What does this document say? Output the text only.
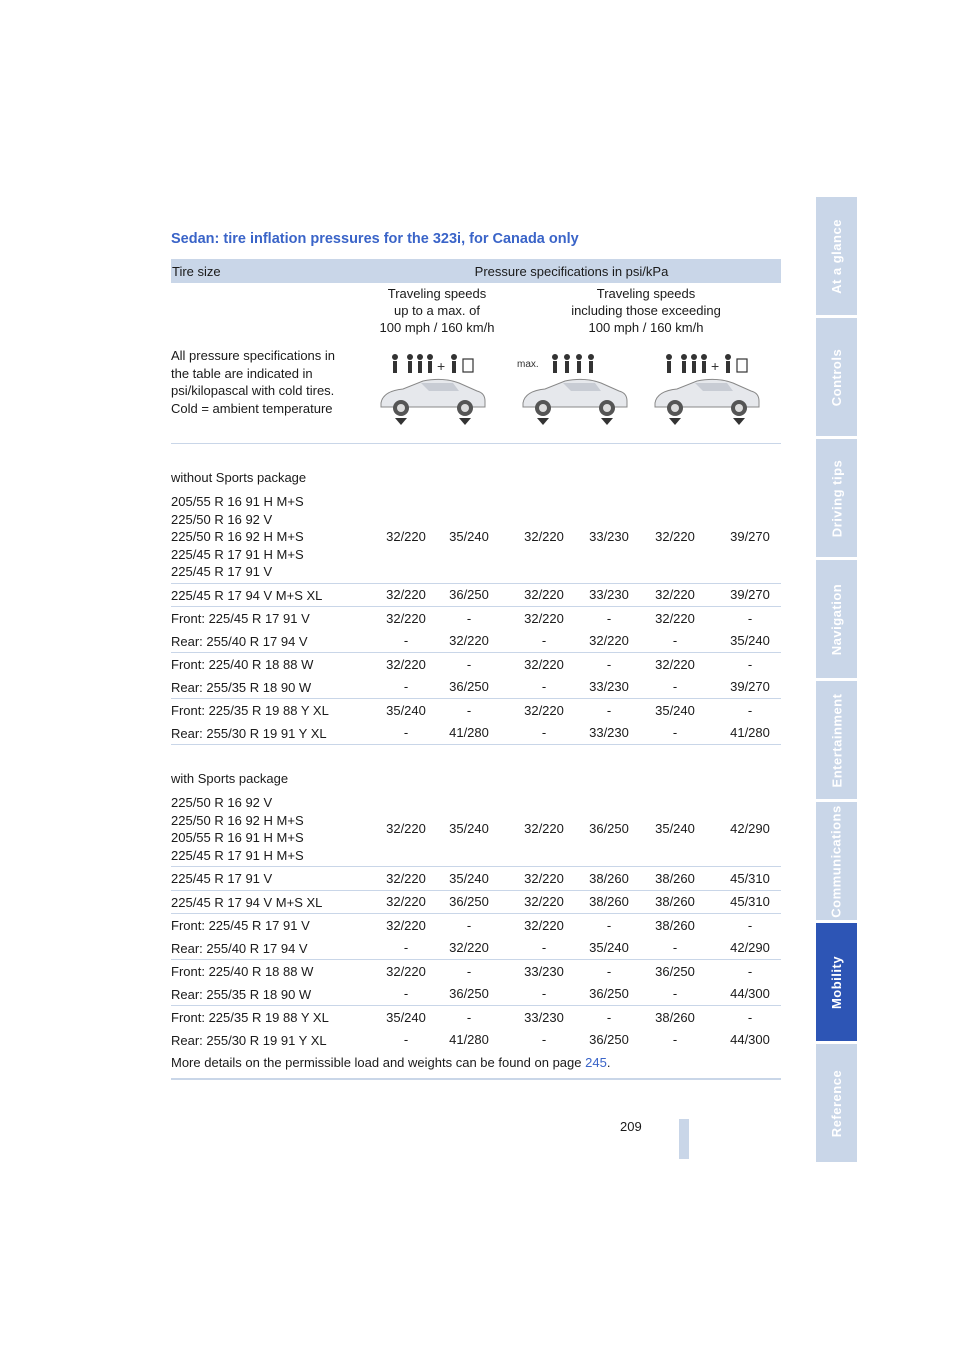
At a glance
Controls
Driving tips
Navigation
Entertainment
Communications
Mobility
Reference
Sedan: tire inflation pressures for the 323i, for Canada only
Tire size	Pressure specifications in psi/kPa
Traveling speeds
up to a max. of
100 mph / 160 km/h
Traveling speeds
including those exceeding
100 mph / 160 km/h
All pressure specifications in the table are indicated in psi/kilopascal with cold tires. Cold = ambient temperature
+	max.	+
without Sports package
205/55 R 16 91 H M+S
225/50 R 16 92 V
225/50 R 16 92 H M+S
225/45 R 17 91 H M+S
225/45 R 17 91 V
32/220	35/240	32/220	33/230	32/220	39/270
225/45 R 17 94 V M+S XL	32/220	36/250	32/220	33/230	32/220	39/270
Front: 225/45 R 17 91 V	32/220	-	32/220	-	32/220	-
Rear: 255/40 R 17 94 V	-	32/220	-	32/220	-	35/240
Front: 225/40 R 18 88 W	32/220	-	32/220	-	32/220	-
Rear: 255/35 R 18 90 W	-	36/250	-	33/230	-	39/270
Front: 225/35 R 19 88 Y XL	35/240	-	32/220	-	35/240	-
Rear: 255/30 R 19 91 Y XL	-	41/280	-	33/230	-	41/280
with Sports package
225/50 R 16 92 V
225/50 R 16 92 H M+S
205/55 R 16 91 H M+S
225/45 R 17 91 H M+S
32/220	35/240	32/220	36/250	35/240	42/290
225/45 R 17 91 V	32/220	35/240	32/220	38/260	38/260	45/310
225/45 R 17 94 V M+S XL	32/220	36/250	32/220	38/260	38/260	45/310
Front: 225/45 R 17 91 V	32/220	-	32/220	-	38/260	-
Rear: 255/40 R 17 94 V	-	32/220	-	35/240	-	42/290
Front: 225/40 R 18 88 W	32/220	-	33/230	-	36/250	-
Rear: 255/35 R 18 90 W	-	36/250	-	36/250	-	44/300
Front: 225/35 R 19 88 Y XL	35/240	-	33/230	-	38/260	-
Rear: 255/30 R 19 91 Y XL	-	41/280	-	36/250	-	44/300
More details on the permissible load and weights can be found on page 245.
209
